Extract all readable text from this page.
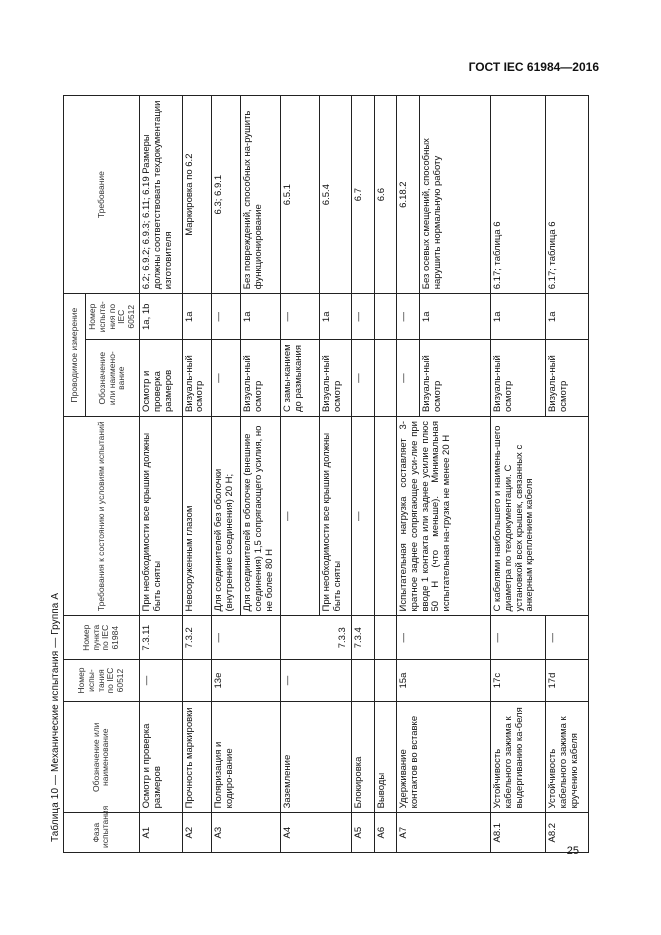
ГОСТ IEC 61984—2016
Таблица 10 — Механические испытания — Группа А	Фаза испытания	Обозначение или наименование	Номер испы-тания по IEC 60512	Номер пункта по IEC 61984	Требования к состоянию и условиям испытаний	Проводимое измерение		Требование
					Обозначение или наимено-вание	Номер испыта-ния по IEC 60512	
A1	Осмотр и проверка размеров	—	7.3.11	При необходимости все крышки должны быть сняты	Осмотр и проверка размеров	1a, 1b	6.2; 6.9.2; 6.9.3; 6.11; 6.19 Размеры должны соответствовать техдокументации изготовителя
A2	Прочность маркировки		7.3.2	Невооруженным глазом	Визуаль-ный осмотр	1a	Маркировка по 6.2
A3	Поляризация и кодиро-вание	13e	—	Для соединителей без оболочки (внутренние соединения) 20 Н;	—	—	6.3; 6.9.1
				Для соединителей в оболочке (внешние соединения) 1,5 сопрягающего усилия, но не более 80 Н	Визуаль-ный осмотр	1a	Без повреждений, способных на-рушить функционирование
A4	Заземление	—	7.3.3	—	С замы-канием до размыкания	—	6.5.1
				При необходимости все крышки должны быть сняты	Визуаль-ный осмотр	1a	6.5.4
A5	Блокировка		7.3.4	—	—	—	6.7
A6	Выводы						6.6
A7	Удерживание контактов во вставке	15a	—	Испытательная нагрузка составляет 3-кратное заднее сопрягающее уси-лие при вводе 1 контакта или заднее усилие плюс 50 Н (что меньше). Минимальная испытательная на-грузка не менее 20 Н	—	—	6.18.2
					Визуаль-ный осмотр	1a	Без осевых смещений, способных нарушить нормальную работу
A8.1	Устойчивость кабельного зажима к выдергиванию ка-беля	17c	—	С кабелями наибольшего и наимень-шего диаметра по техдокументации. С установкой всех крышек, связанных с анкерным креплением кабеля	Визуаль-ный осмотр	1a	6.17; таблица 6
A8.2	Устойчивость кабельного зажима к кручению кабеля	17d	—		Визуаль-ный осмотр	1a	6.17; таблица 6
25
